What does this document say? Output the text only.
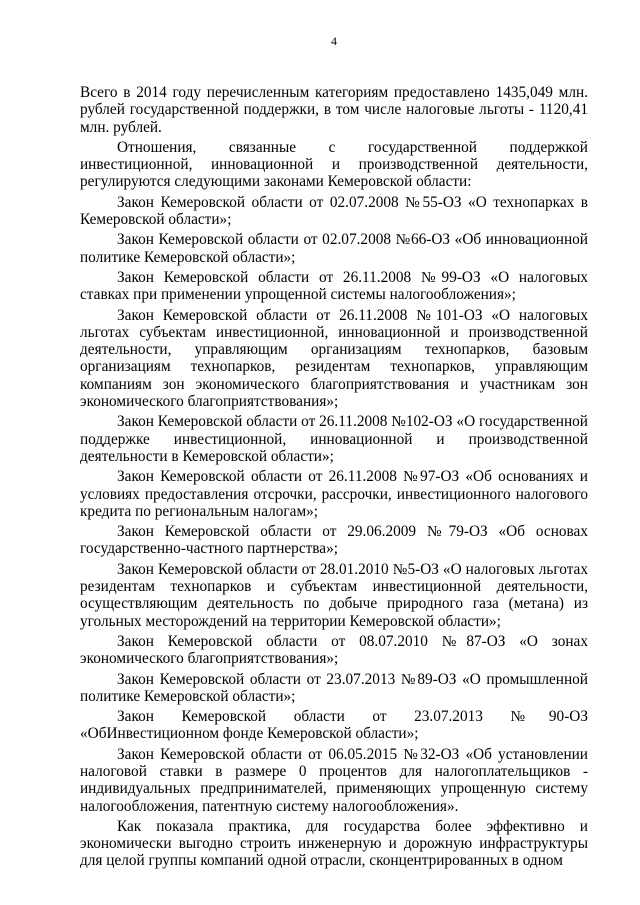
4

Всего в 2014 году перечисленным категориям предоставлено 1435,049 млн. рублей государственной поддержки, в том числе налоговые льготы - 1120,41 млн. рублей.

Отношения, связанные с государственной поддержкой инвестиционной, инновационной и производственной деятельности, регулируются следующими законами Кемеровской области:

Закон Кемеровской области от 02.07.2008 №55-ОЗ «О технопарках в Кемеровской области»;

Закон Кемеровской области от 02.07.2008 №66-ОЗ «Об инновационной политике Кемеровской области»;

Закон Кемеровской области от 26.11.2008 №99-ОЗ «О налоговых ставках при применении упрощенной системы налогообложения»;

Закон Кемеровской области от 26.11.2008 №101-ОЗ «О налоговых льготах субъектам инвестиционной, инновационной и производственной деятельности, управляющим организациям технопарков, базовым организациям технопарков, резидентам технопарков, управляющим компаниям зон экономического благоприятствования и участникам зон экономического благоприятствования»;

Закон Кемеровской области от 26.11.2008 №102-ОЗ «О государственной поддержке инвестиционной, инновационной и производственной деятельности в Кемеровской области»;

Закон Кемеровской области от 26.11.2008 №97-ОЗ «Об основаниях и условиях предоставления отсрочки, рассрочки, инвестиционного налогового кредита по региональным налогам»;

Закон Кемеровской области от 29.06.2009 №79-ОЗ «Об основах государственно-частного партнерства»;

Закон Кемеровской области от 28.01.2010 №5-ОЗ «О налоговых льготах резидентам технопарков и субъектам инвестиционной деятельности, осуществляющим деятельность по добыче природного газа (метана) из угольных месторождений на территории Кемеровской области»;

Закон Кемеровской области от 08.07.2010 №87-ОЗ «О зонах экономического благоприятствования»;

Закон Кемеровской области от 23.07.2013 №89-ОЗ «О промышленной политике Кемеровской области»;

Закон Кемеровской области от 23.07.2013 №90-ОЗ «ОбИнвестиционном фонде Кемеровской области»;

Закон Кемеровской области от 06.05.2015 №32-ОЗ «Об установлении налоговой ставки в размере 0 процентов для налогоплательщиков - индивидуальных предпринимателей, применяющих упрощенную систему налогообложения, патентную систему налогообложения».

Как показала практика, для государства более эффективно и экономически выгодно строить инженерную и дорожную инфраструктуры для целой группы компаний одной отрасли, сконцентрированных в одном
